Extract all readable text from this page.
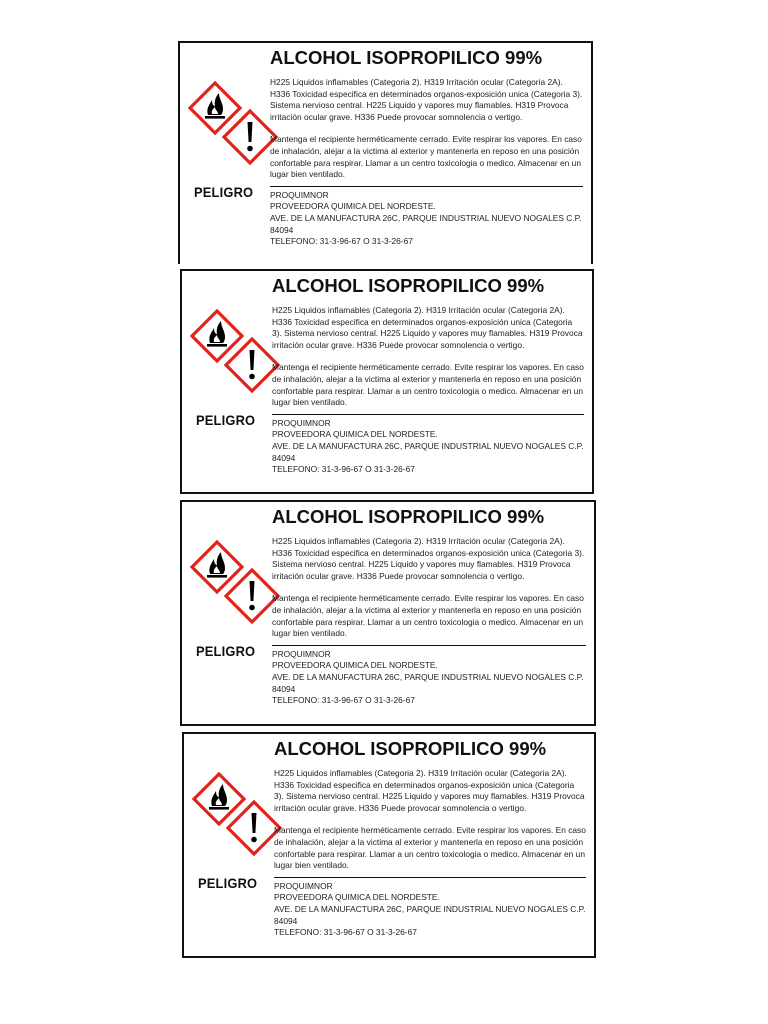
PELIGRO
ALCOHOL ISOPROPILICO 99%
H225 Liquidos inflamables (Categoria 2). H319 Irritación ocular (Categoria 2A). H336 Toxicidad especifica en determinados organos-exposición unica (Categoria 3). Sistema nervioso central. H225 Liquido y vapores muy flamables. H319 Provoca irritación ocular grave. H336 Puede provocar somnolencia o vertigo.
Mantenga el recipiente herméticamente cerrado. Evite respirar los vapores. En caso de inhalación, alejar a la victima al exterior y mantenerla en reposo en una posición confortable para respirar. Llamar a un centro toxicologia o medico. Almacenar en un lugar bien ventilado.
PROQUIMNOR
PROVEEDORA QUIMICA DEL NORDESTE.
AVE. DE LA MANUFACTURA 26C, PARQUE INDUSTRIAL NUEVO NOGALES C.P. 84094
TELEFONO: 31-3-96-67 O 31-3-26-67
PELIGRO
ALCOHOL ISOPROPILICO 99%
H225 Liquidos inflamables (Categoria 2). H319 Irritación ocular (Categoria 2A). H336 Toxicidad especifica en determinados organos-exposición unica (Categoria 3). Sistema nervioso central. H225 Liquido y vapores muy flamables. H319 Provoca irritación ocular grave. H336 Puede provocar somnolencia o vertigo.
Mantenga el recipiente herméticamente cerrado. Evite respirar los vapores. En caso de inhalación, alejar a la victima al exterior y mantenerla en reposo en una posición confortable para respirar. Llamar a un centro toxicologia o medico. Almacenar en un lugar bien ventilado.
PROQUIMNOR
PROVEEDORA QUIMICA DEL NORDESTE.
AVE. DE LA MANUFACTURA 26C, PARQUE INDUSTRIAL NUEVO NOGALES C.P. 84094
TELEFONO: 31-3-96-67 O 31-3-26-67
PELIGRO
ALCOHOL ISOPROPILICO 99%
H225 Liquidos inflamables (Categoria 2). H319 Irritación ocular (Categoria 2A). H336 Toxicidad especifica en determinados organos-exposición unica (Categoria 3). Sistema nervioso central. H225 Liquido y vapores muy flamables. H319 Provoca irritación ocular grave. H336 Puede provocar somnolencia o vertigo.
Mantenga el recipiente herméticamente cerrado. Evite respirar los vapores. En caso de inhalación, alejar a la victima al exterior y mantenerla en reposo en una posición confortable para respirar. Llamar a un centro toxicologia o medico. Almacenar en un lugar bien ventilado.
PROQUIMNOR
PROVEEDORA QUIMICA DEL NORDESTE.
AVE. DE LA MANUFACTURA 26C, PARQUE INDUSTRIAL NUEVO NOGALES C.P. 84094
TELEFONO: 31-3-96-67 O 31-3-26-67
PELIGRO
ALCOHOL ISOPROPILICO 99%
H225 Liquidos inflamables (Categoria 2). H319 Irritación ocular (Categoria 2A). H336 Toxicidad especifica en determinados organos-exposición unica (Categoria 3). Sistema nervioso central. H225 Liquido y vapores muy flamables. H319 Provoca irritación ocular grave. H336 Puede provocar somnolencia o vertigo.
Mantenga el recipiente herméticamente cerrado. Evite respirar los vapores. En caso de inhalación, alejar a la victima al exterior y mantenerla en reposo en una posición confortable para respirar. Llamar a un centro toxicologia o medico. Almacenar en un lugar bien ventilado.
PROQUIMNOR
PROVEEDORA QUIMICA DEL NORDESTE.
AVE. DE LA MANUFACTURA 26C, PARQUE INDUSTRIAL NUEVO NOGALES C.P. 84094
TELEFONO: 31-3-96-67 O 31-3-26-67
